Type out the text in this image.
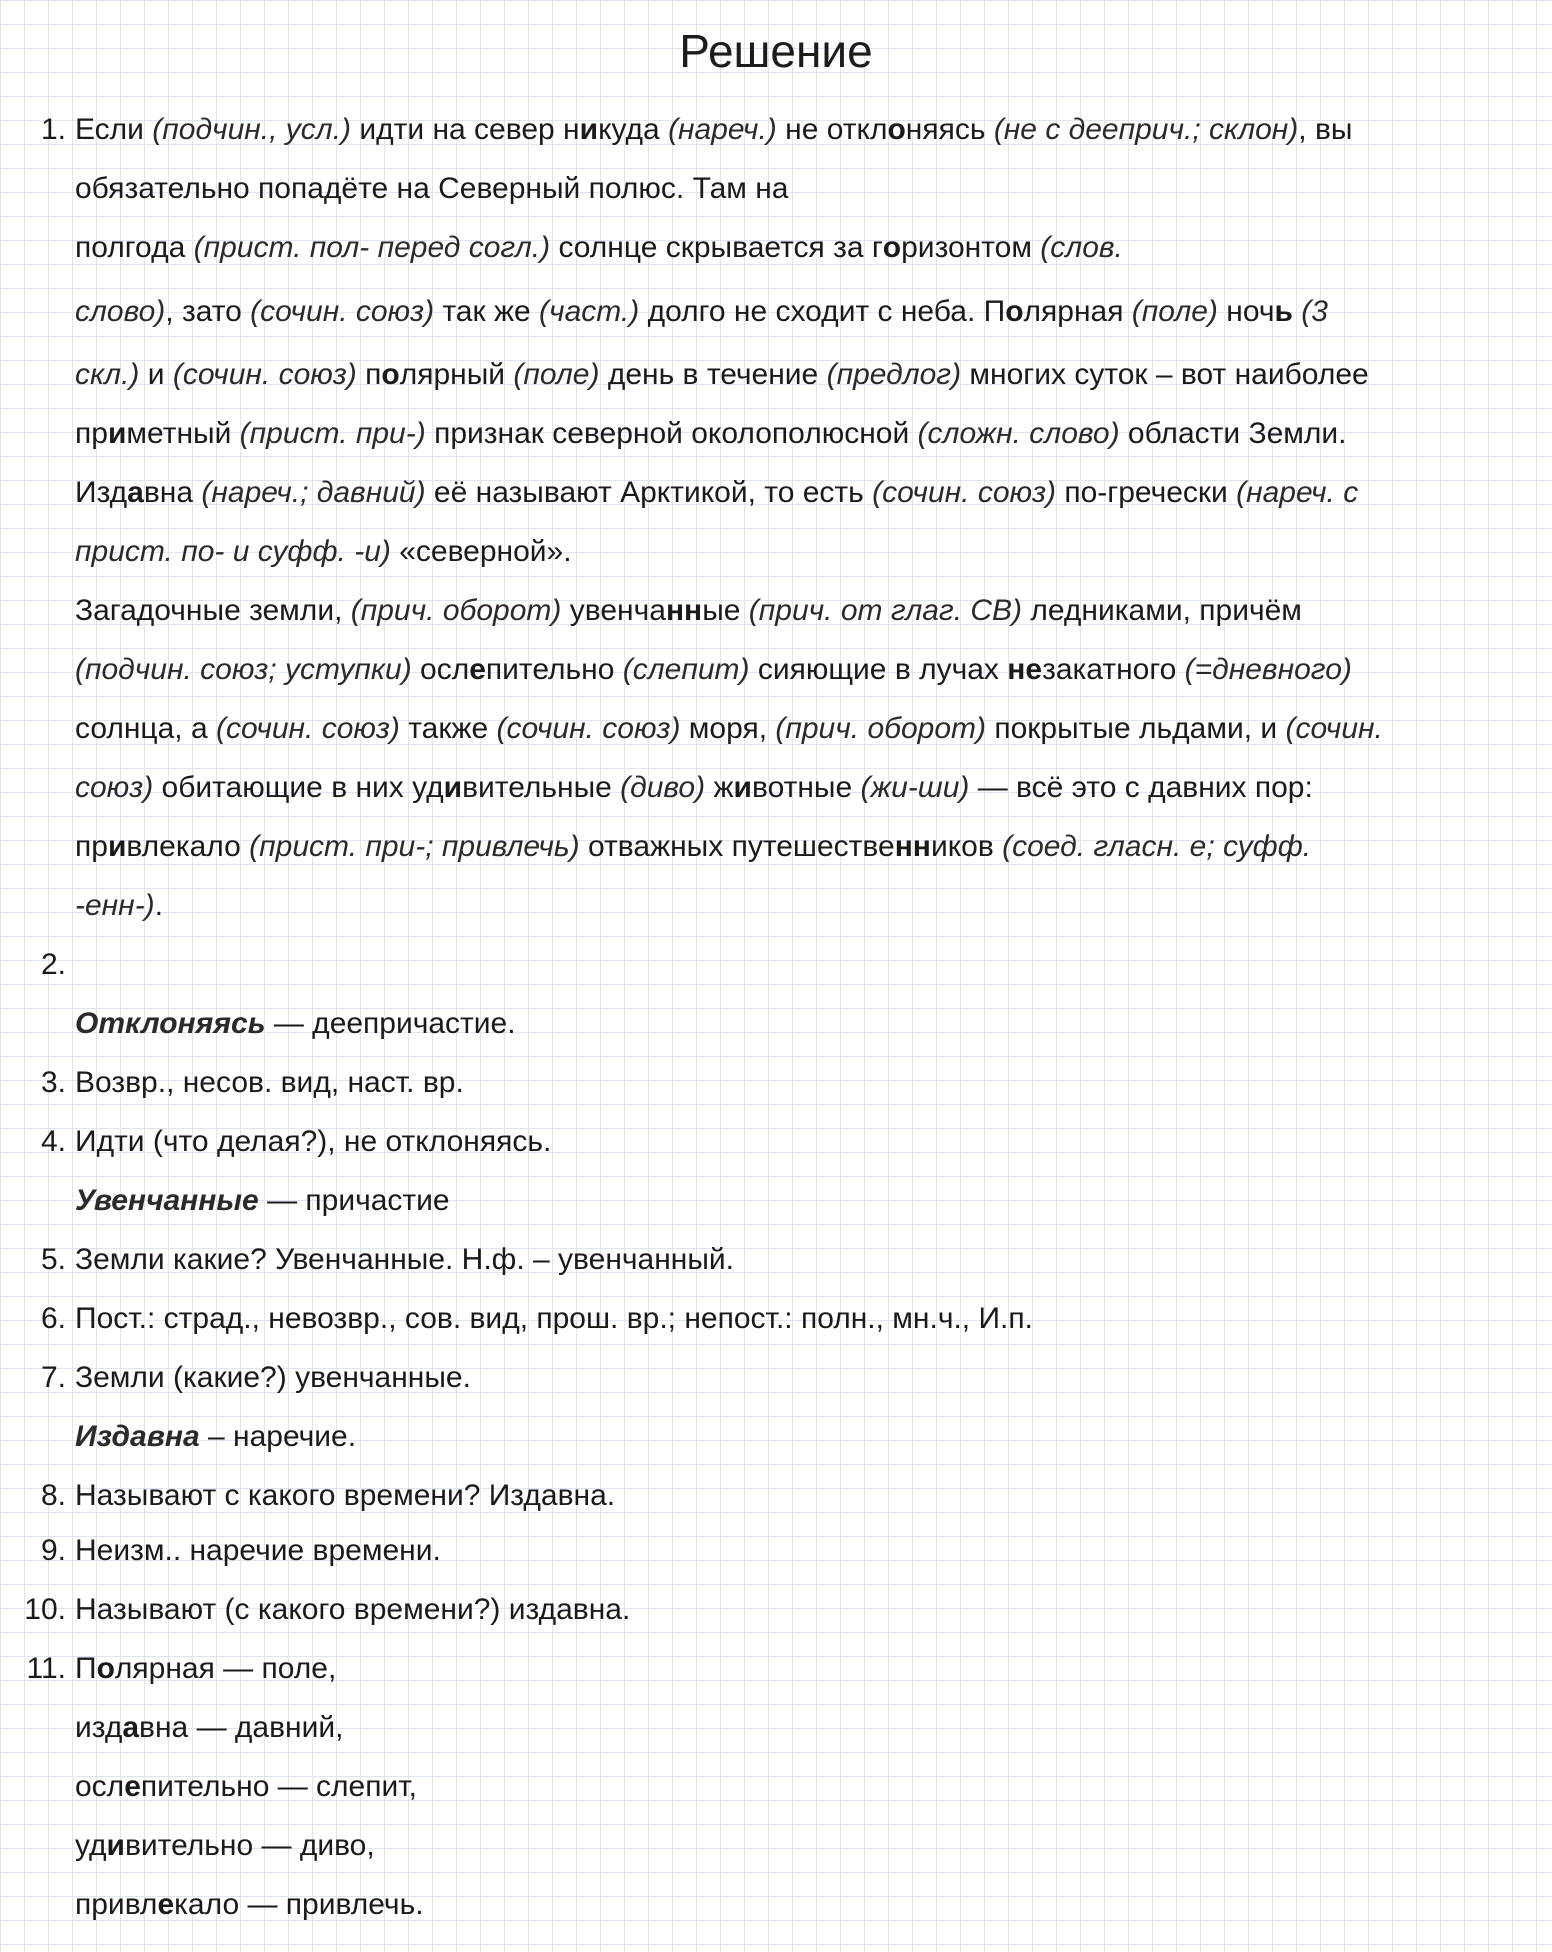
Решение
1. Если (подчин., усл.) идти на север никуда (нареч.) не отклоняясь (не с дееприч.; склон), вы
обязательно попадёте на Северный полюс. Там на
полгода (прист. пол- перед согл.) солнце скрывается за горизонтом (слов.
слово), зато (сочин. союз) так же (част.) долго не сходит с неба. Полярная (поле) ночь (3
скл.) и (сочин. союз) полярный (поле) день в течение (предлог) многих суток – вот наиболее
приметный (прист. при-) признак северной околополюсной (сложн. слово) области Земли.
Издавна (нареч.; давний) её называют Арктикой, то есть (сочин. союз) по-гречески (нареч. с
прист. по- и суфф. -и) «северной».
Загадочные земли, (прич. оборот) увенчанные (прич. от глаг. СВ) ледниками, причём
(подчин. союз; уступки) ослепительно (слепит) сияющие в лучах незакатного (=дневного)
солнца, а (сочин. союз) также (сочин. союз) моря, (прич. оборот) покрытые льдами, и (сочин.
союз) обитающие в них удивительные (диво) животные (жи-ши) — всё это с давних пор:
привлекало (прист. при-; привлечь) отважных путешественников (соед. гласн. е; суфф.
-енн-).
2.
Отклоняясь — деепричастие.
3. Возвр., несов. вид, наст. вр.
4. Идти (что делая?), не отклоняясь.
Увенчанные — причастие
5. Земли какие? Увенчанные. Н.ф. – увенчанный.
6. Пост.: страд., невозвр., сов. вид, прош. вр.; непост.: полн., мн.ч., И.п.
7. Земли (какие?) увенчанные.
Издавна – наречие.
8. Называют с какого времени? Издавна.
9. Неизм.. наречие времени.
10. Называют (с какого времени?) издавна.
11. Полярная — поле,
издавна — давний,
ослепительно — слепит,
удивительно — диво,
привлекало — привлечь.
